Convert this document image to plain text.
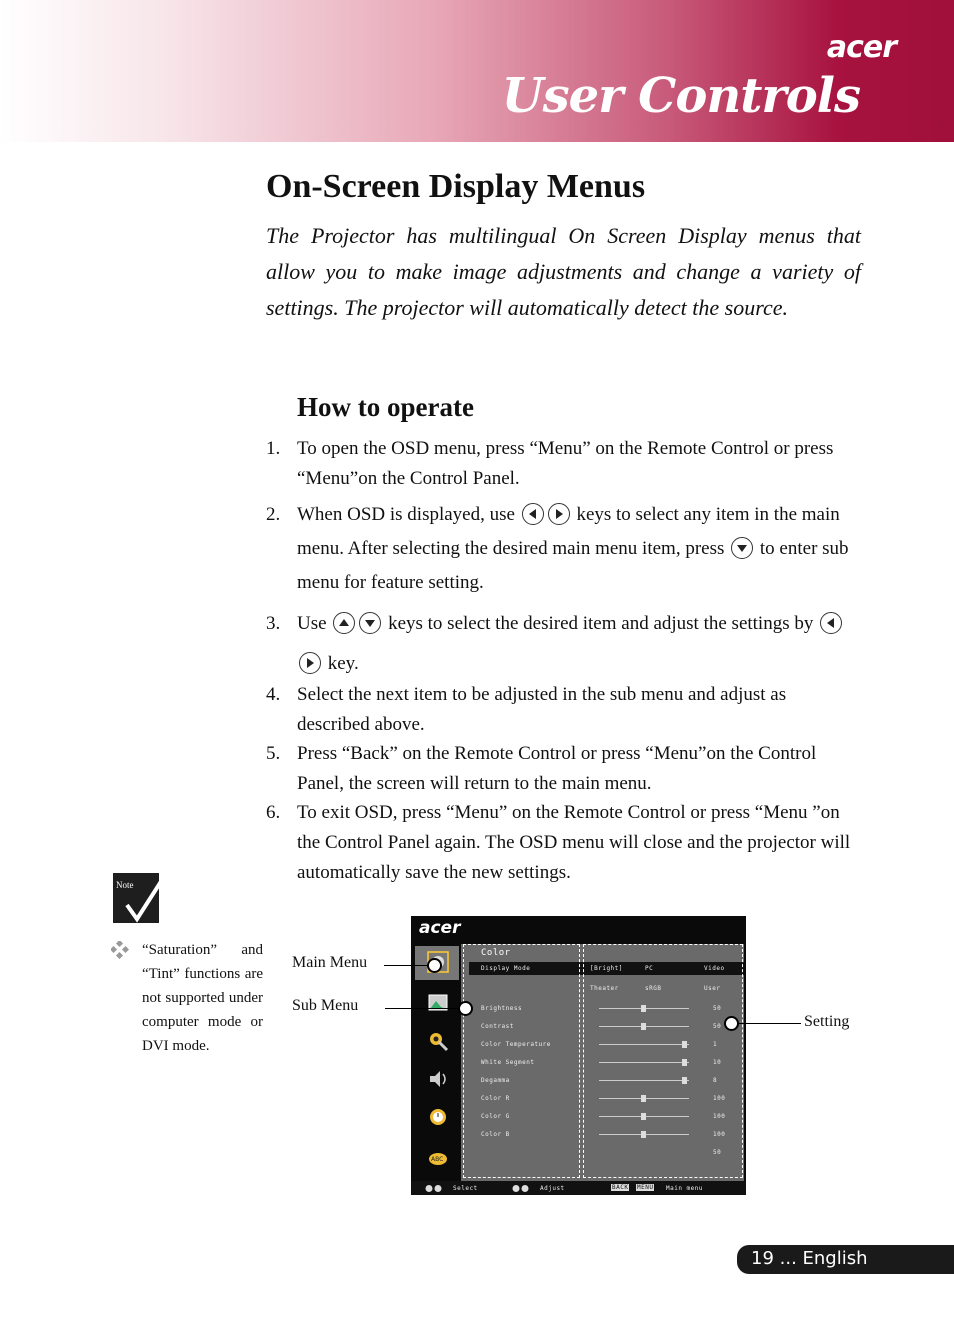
acer
User Controls
On-Screen Display Menus
The Projector has multilingual On Screen Display menus that allow you to make image adjustments and change a variety of settings. The projector will automatically detect the source.
How to operate
1. To open the OSD menu, press “Menu” on the Remote Control or press “Menu”on the Control Panel.
2. When OSD is displayed, use	keys to select any item in the main menu. After selecting the desired main menu item, press to enter sub menu for feature setting.
3. Use	keys to select the desired item and adjust the settings by
key.
4. Select the next item to be adjusted in the sub menu and adjust as described above.
5. Press “Back” on the Remote Control or press “Menu”on the Control Panel, the screen will return to the main menu.
6. To exit OSD, press “Menu” on the Remote Control or press “Menu ”on the Control Panel again. The OSD menu will close and the projector will automatically save the new settings.
Note
“Saturation” and “Tint” functions are not supported under computer mode or DVI mode.
acer
ABC
Color
Display Mode	[Bright]	PC	Video
Theater	sRGB	User
Brightness	50
Contrast	50
Color Temperature	1
White Segment	10
Degamma	8
Color R	100
Color G	100
Color B	100
50
Select	Adjust	BACK MENU Main menu
Main Menu
Sub Menu
Setting
19 ... English
